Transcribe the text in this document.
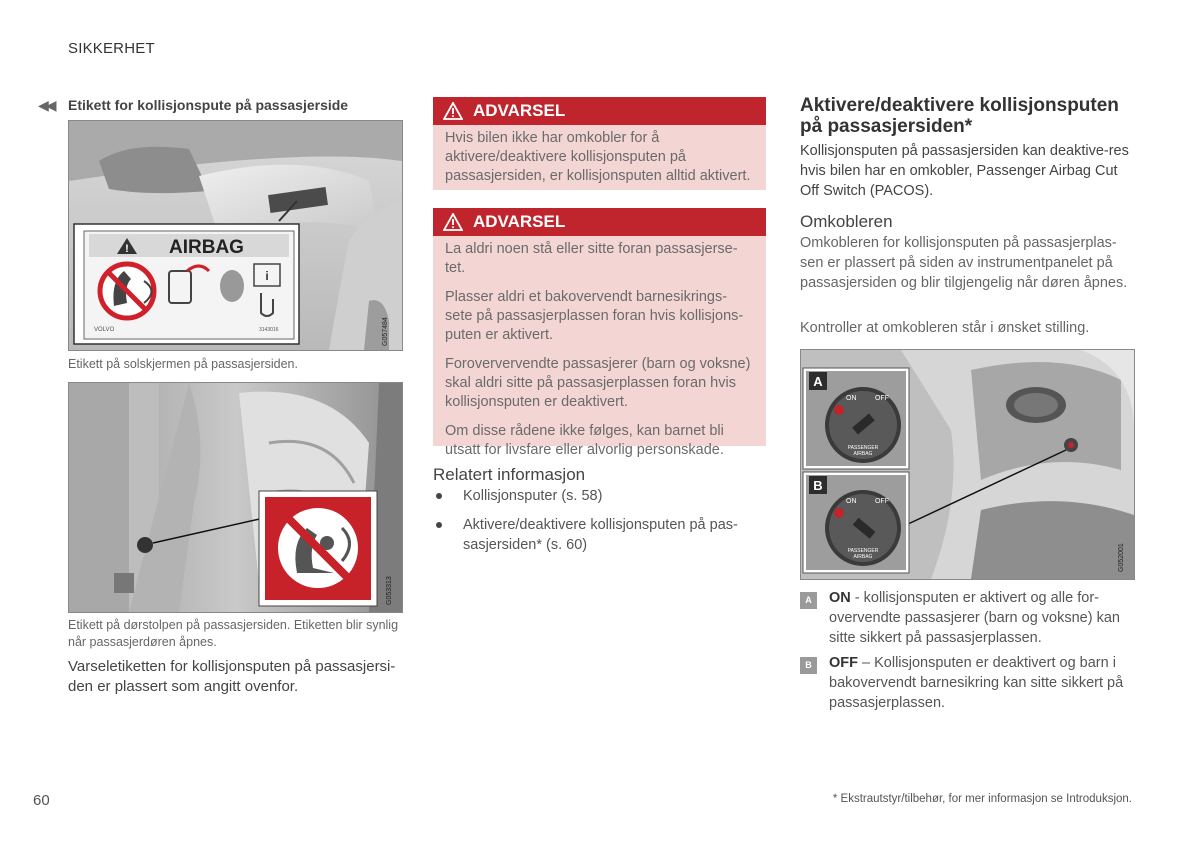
SIKKERHET
◀◀ Etikett for kollisjonspute på passasjerside
! AIRBAG
i
VOLVO	3143016	G057484
Etikett på solskjermen på passasjersiden.
G053313
Etikett på dørstolpen på passasjersiden. Etiketten blir synlig når passasjerdøren åpnes.
Varseletiketten for kollisjonsputen på passasjersi-den er plassert som angitt ovenfor.
ADVARSEL

Hvis bilen ikke har omkobler for å aktivere/deaktivere kollisjonsputen på passasjersiden, er kollisjonsputen alltid aktivert.

ADVARSEL

La aldri noen stå eller sitte foran passasjerse-tet.

Plasser aldri et bakovervendt barnesikrings-sete på passasjerplassen foran hvis kollisjons-puten er aktivert.

Foroververvendte passasjerer (barn og voksne) skal aldri sitte på passasjerplassen foran hvis kollisjonsputen er deaktivert.

Om disse rådene ikke følges, kan barnet bli utsatt for livsfare eller alvorlig personskade.

Relatert informasjon
Kollisjonsputer (s. 58)
Aktivere/deaktivere kollisjonsputen på pas-sasjersiden* (s. 60)
Aktivere/deaktivere kollisjonsputen på passasjersiden*
Kollisjonsputen på passasjersiden kan deaktive-res hvis bilen har en omkobler, Passenger Airbag Cut Off Switch (PACOS).
Omkobleren
Omkobleren for kollisjonsputen på passasjerplas-sen er plassert på siden av instrumentpanelet på passasjersiden og blir tilgjengelig når døren åpnes.
Kontroller at omkobleren står i ønsket stilling.
A
ON	OFF
PASSENGER
AIRBAG
B
ON	OFF
PASSENGER
AIRBAG	G052001
A	ON - kollisjonsputen er aktivert og alle for-overvendte passasjerer (barn og voksne) kan sitte sikkert på passasjerplassen.
B	OFF – Kollisjonsputen er deaktivert og barn i bakovervendt barnesikring kan sitte sikkert på passasjerplassen.
60	* Ekstrautstyr/tilbehør, for mer informasjon se Introduksjon.
